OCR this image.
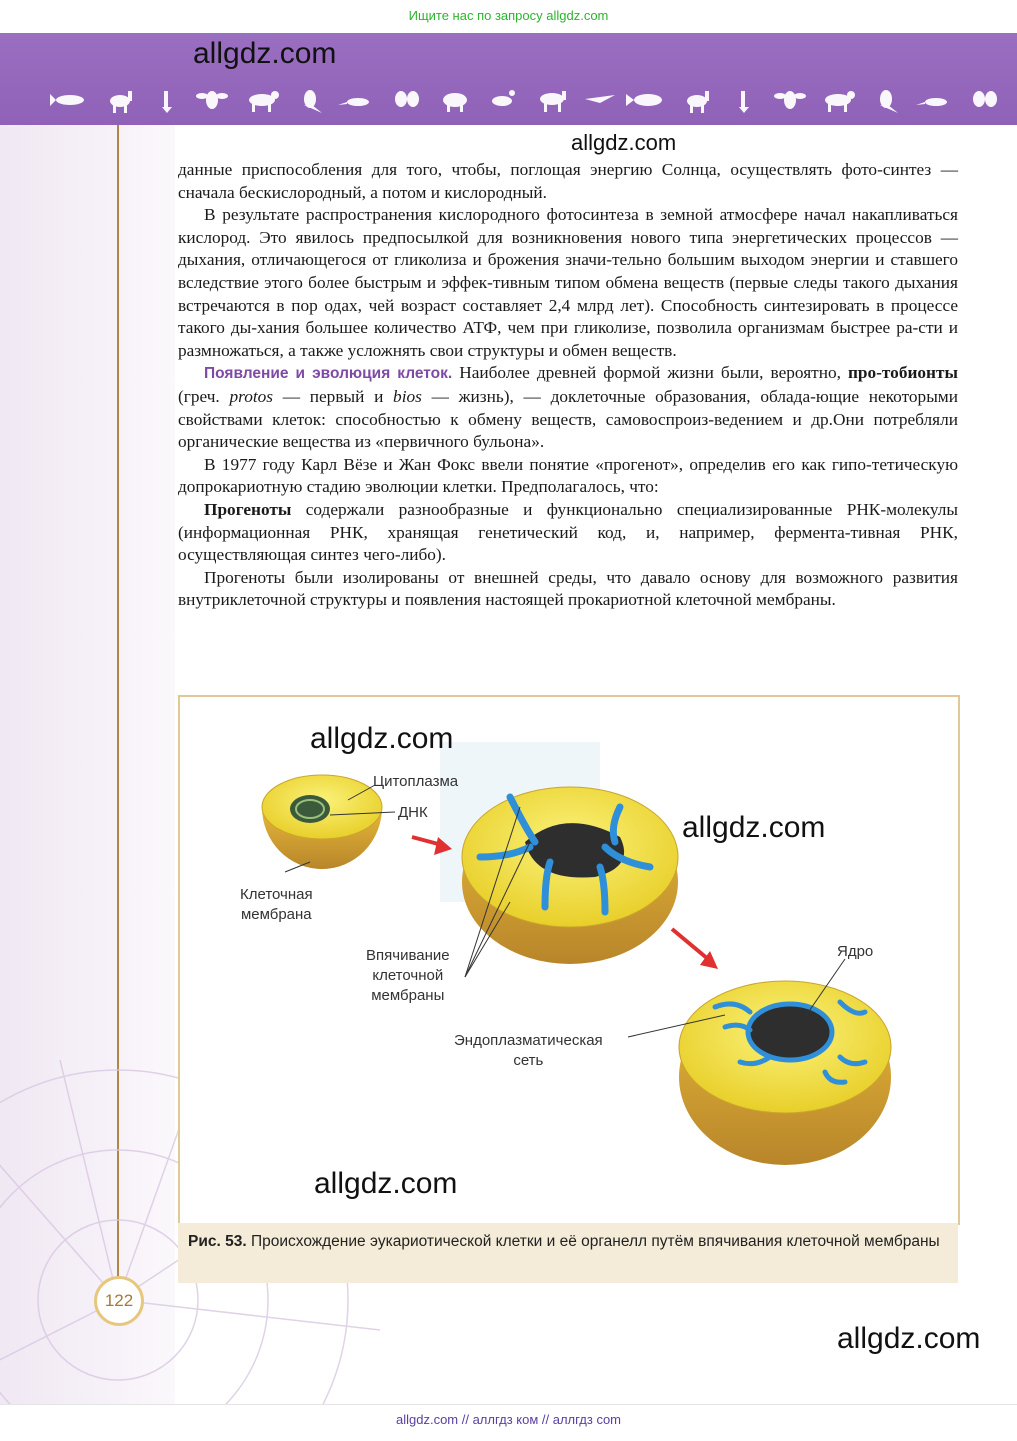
Ищите нас по запросу allgdz.com
allgdz.com
allgdz.com

данные приспособления для того, чтобы, поглощая энергию Солнца, осуществлять фото-синтез — сначала бескислородный, а потом и кислородный.

В результате распространения кислородного фотосинтеза в земной атмосфере начал накапливаться кислород. Это явилось предпосылкой для возникновения нового типа энергетических процессов — дыхания, отличающегося от гликолиза и брожения значи-тельно большим выходом энергии и ставшего вследствие этого более быстрым и эффек-тивным типом обмена веществ (первые следы такого дыхания встречаются в пор одах, чей возраст составляет 2,4 млрд лет). Способность синтезировать в процессе такого ды-хания большее количество АТФ, чем при гликолизе, позволила организмам быстрее ра-сти и размножаться, а также усложнять свои структуры и обмен веществ.

Появление и эволюция клеток. Наиболее древней формой жизни были, вероятно, про-тобионты (греч. protos — первый и bios — жизнь), — доклеточные образования, облада-ющие некоторыми свойствами клеток: способностью к обмену веществ, самовоспроиз-ведением и др.Они потребляли органические вещества из «первичного бульона».

В 1977 году Карл Вёзе и Жан Фокс ввели понятие «прогенот», определив его как гипо-тетическую допрокариотную стадию эволюции клетки. Предполагалось, что:

Прогеноты содержали разнообразные и функционально специализированные РНК-молекулы (информационная РНК, хранящая генетический код, и, например, фермента-тивная РНК, осуществляющая синтез чего-либо).

Прогеноты были изолированы от внешней среды, что давало основу для возможного развития внутриклеточной структуры и появления настоящей прокариотной клеточной мембраны.

allgdz.com
allgdz.com
allgdz.com
Цитоплазма
ДНК
Клеточная
мембрана
Впячивание
клеточной
мембраны
Эндоплазматическая
сеть
Ядро
Рис. 53. Происхождение эукариотической клетки и её органелл путём впячивания клеточной мембраны
122
allgdz.com
allgdz.com // аллгдз ком // аллгдз com
